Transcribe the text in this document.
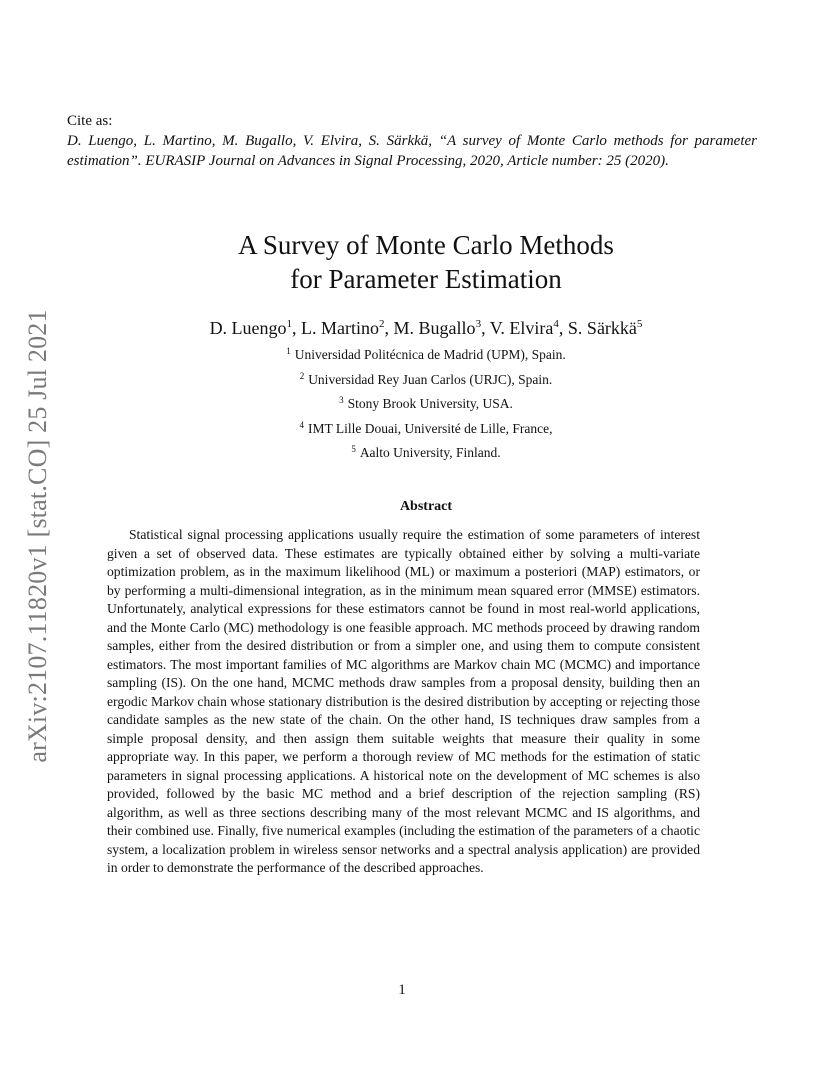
arXiv:2107.11820v1 [stat.CO] 25 Jul 2021
Cite as:
D. Luengo, L. Martino, M. Bugallo, V. Elvira, S. Särkkä, “A survey of Monte Carlo methods for parameter estimation”. EURASIP Journal on Advances in Signal Processing, 2020, Article number: 25 (2020).
A Survey of Monte Carlo Methods
for Parameter Estimation
D. Luengo$^1$, L. Martino$^2$, M. Bugallo$^3$, V. Elvira$^4$, S. Särkkä$^5$
$^1$ Universidad Politécnica de Madrid (UPM), Spain.
$^2$ Universidad Rey Juan Carlos (URJC), Spain.
$^3$ Stony Brook University, USA.
$^4$ IMT Lille Douai, Université de Lille, France,
$^5$ Aalto University, Finland.
Abstract

Statistical signal processing applications usually require the estimation of some parameters of interest given a set of observed data. These estimates are typically obtained either by solving a multi-variate optimization problem, as in the maximum likelihood (ML) or maximum a posteriori (MAP) estimators, or by performing a multi-dimensional integration, as in the minimum mean squared error (MMSE) estimators. Unfortunately, analytical expressions for these estimators cannot be found in most real-world applications, and the Monte Carlo (MC) methodology is one feasible approach. MC methods proceed by drawing random samples, either from the desired distribution or from a simpler one, and using them to compute consistent estimators. The most important families of MC algorithms are Markov chain MC (MCMC) and importance sampling (IS). On the one hand, MCMC methods draw samples from a proposal density, building then an ergodic Markov chain whose stationary distribution is the desired distribution by accepting or rejecting those candidate samples as the new state of the chain. On the other hand, IS techniques draw samples from a simple proposal density, and then assign them suitable weights that measure their quality in some appropriate way. In this paper, we perform a thorough review of MC methods for the estimation of static parameters in signal processing applications. A historical note on the development of MC schemes is also provided, followed by the basic MC method and a brief description of the rejection sampling (RS) algorithm, as well as three sections describing many of the most relevant MCMC and IS algorithms, and their combined use. Finally, five numerical examples (including the estimation of the parameters of a chaotic system, a localization problem in wireless sensor networks and a spectral analysis application) are provided in order to demonstrate the performance of the described approaches.

1
